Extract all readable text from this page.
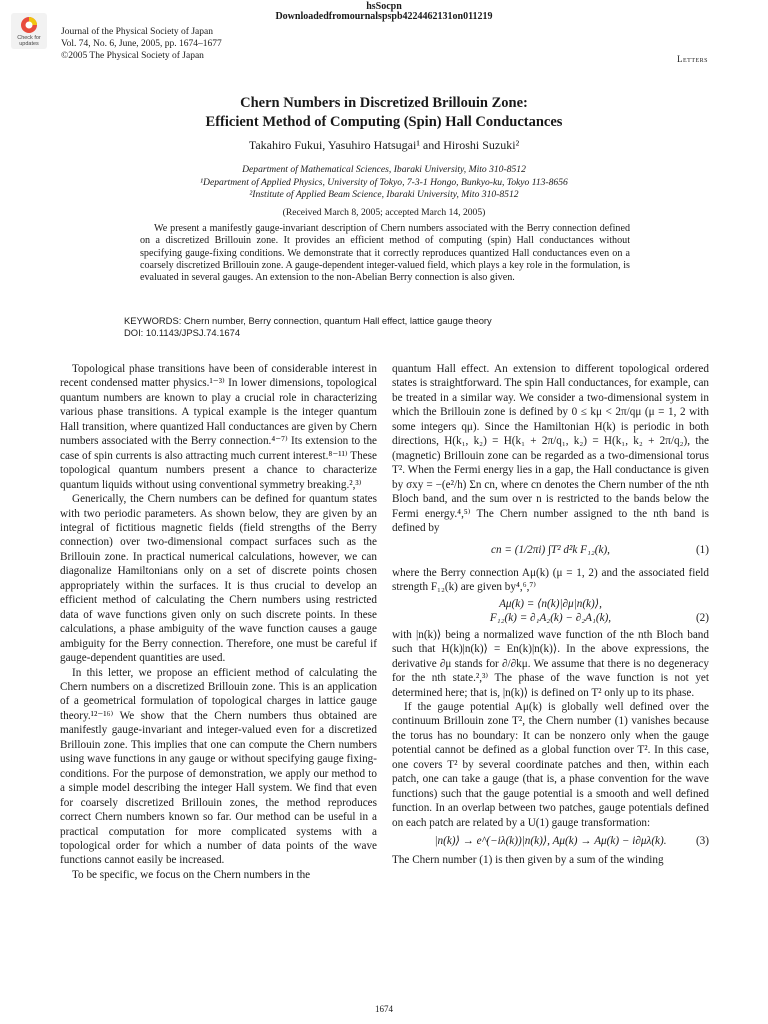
hsSocpn
Downloadedfromournalspspb4224462131on011219
Check for updates
Journal of the Physical Society of Japan
Vol. 74, No. 6, June, 2005, pp. 1674–1677
©2005 The Physical Society of Japan	Letters
Chern Numbers in Discretized Brillouin Zone:
Efficient Method of Computing (Spin) Hall Conductances
Takahiro Fukui, Yasuhiro Hatsugai¹ and Hiroshi Suzuki²
Department of Mathematical Sciences, Ibaraki University, Mito 310-8512
¹Department of Applied Physics, University of Tokyo, 7-3-1 Hongo, Bunkyo-ku, Tokyo 113-8656
²Institute of Applied Beam Science, Ibaraki University, Mito 310-8512
(Received March 8, 2005; accepted March 14, 2005)

We present a manifestly gauge-invariant description of Chern numbers associated with the Berry connection defined on a discretized Brillouin zone. It provides an efficient method of computing (spin) Hall conductances without specifying gauge-fixing conditions. We demonstrate that it correctly reproduces quantized Hall conductances even on a coarsely discretized Brillouin zone. A gauge-dependent integer-valued field, which plays a key role in the formulation, is evaluated in several gauges. An extension to the non-Abelian Berry connection is also given.

KEYWORDS: Chern number, Berry connection, quantum Hall effect, lattice gauge theory
DOI: 10.1143/JPSJ.74.1674

Topological phase transitions have been of considerable interest in recent condensed matter physics.¹⁻³⁾ In lower dimensions, topological quantum numbers are known to play a crucial role in characterizing various phase transitions. A typical example is the integer quantum Hall transition, where quantized Hall conductances are given by Chern numbers associated with the Berry connection.⁴⁻⁷⁾ Its extension to the case of spin currents is also attracting much current interest.⁸⁻¹¹⁾ These topological quantum numbers present a chance to characterize quantum liquids without using conventional symmetry breaking.²,³⁾

Generically, the Chern numbers can be defined for quantum states with two periodic parameters. As shown below, they are given by an integral of fictitious magnetic fields (field strengths of the Berry connection) over two-dimensional compact surfaces such as the Brillouin zone. In practical numerical calculations, however, we can diagonalize Hamiltonians only on a set of discrete points chosen appropriately within the surfaces. It is thus crucial to develop an efficient method of calculating the Chern numbers using restricted data of wave functions given only on such discrete points. In these calculations, a phase ambiguity of the wave function causes a gauge ambiguity for the Berry connection. Therefore, one must be careful if gauge-dependent quantities are used.

In this letter, we propose an efficient method of calculating the Chern numbers on a discretized Brillouin zone. This is an application of a geometrical formulation of topological charges in lattice gauge theory.¹²⁻¹⁶⁾ We show that the Chern numbers thus obtained are manifestly gauge-invariant and integer-valued even for a discretized Brillouin zone. This implies that one can compute the Chern numbers using wave functions in any gauge or without specifying gauge fixing-conditions. For the purpose of demonstration, we apply our method to a simple model describing the integer Hall system. We find that even for coarsely discretized Brillouin zones, the method reproduces correct Chern numbers known so far. Our method can be useful in a practical computation for more complicated systems with a topological order for which a number of data points of the wave functions cannot easily be increased.

To be specific, we focus on the Chern numbers in the

quantum Hall effect. An extension to different topological ordered states is straightforward. The spin Hall conductances, for example, can be treated in a similar way. We consider a two-dimensional system in which the Brillouin zone is defined by 0 ≤ kμ < 2π/qμ (μ = 1, 2 with some integers qμ). Since the Hamiltonian H(k) is periodic in both directions, H(k₁, k₂) = H(k₁ + 2π/q₁, k₂) = H(k₁, k₂ + 2π/q₂), the (magnetic) Brillouin zone can be regarded as a two-dimensional torus T². When the Fermi energy lies in a gap, the Hall conductance is given by σxy = −(e²/h) Σn cn, where cn denotes the Chern number of the nth Bloch band, and the sum over n is restricted to the bands below the Fermi energy.⁴,⁵⁾ The Chern number assigned to the nth band is defined by

cn = (1/2πi) ∫T² d²k F₁₂(k),	(1)

where the Berry connection Aμ(k) (μ = 1, 2) and the associated field strength F₁₂(k) are given by⁴,⁶,⁷⁾

Aμ(k) = ⟨n(k)|∂μ|n(k)⟩,
F₁₂(k) = ∂₁A₂(k) − ∂₂A₁(k),	(2)

with |n(k)⟩ being a normalized wave function of the nth Bloch band such that H(k)|n(k)⟩ = En(k)|n(k)⟩. In the above expressions, the derivative ∂μ stands for ∂/∂kμ. We assume that there is no degeneracy for the nth state.²,³⁾ The phase of the wave function is not yet determined here; that is, |n(k)⟩ is defined on T² only up to its phase.

If the gauge potential Aμ(k) is globally well defined over the continuum Brillouin zone T², the Chern number (1) vanishes because the torus has no boundary: It can be nonzero only when the gauge potential cannot be defined as a global function over T². In this case, one covers T² by several coordinate patches and then, within each patch, one can take a gauge (that is, a phase convention for the wave functions) such that the gauge potential is a smooth and well defined function. In an overlap between two patches, gauge potentials defined on each patch are related by a U(1) gauge transformation:

|n(k)⟩ → e^(−iλ(k))|n(k)⟩, Aμ(k) → Aμ(k) − i∂μλ(k).	(3)

The Chern number (1) is then given by a sum of the winding

1674
